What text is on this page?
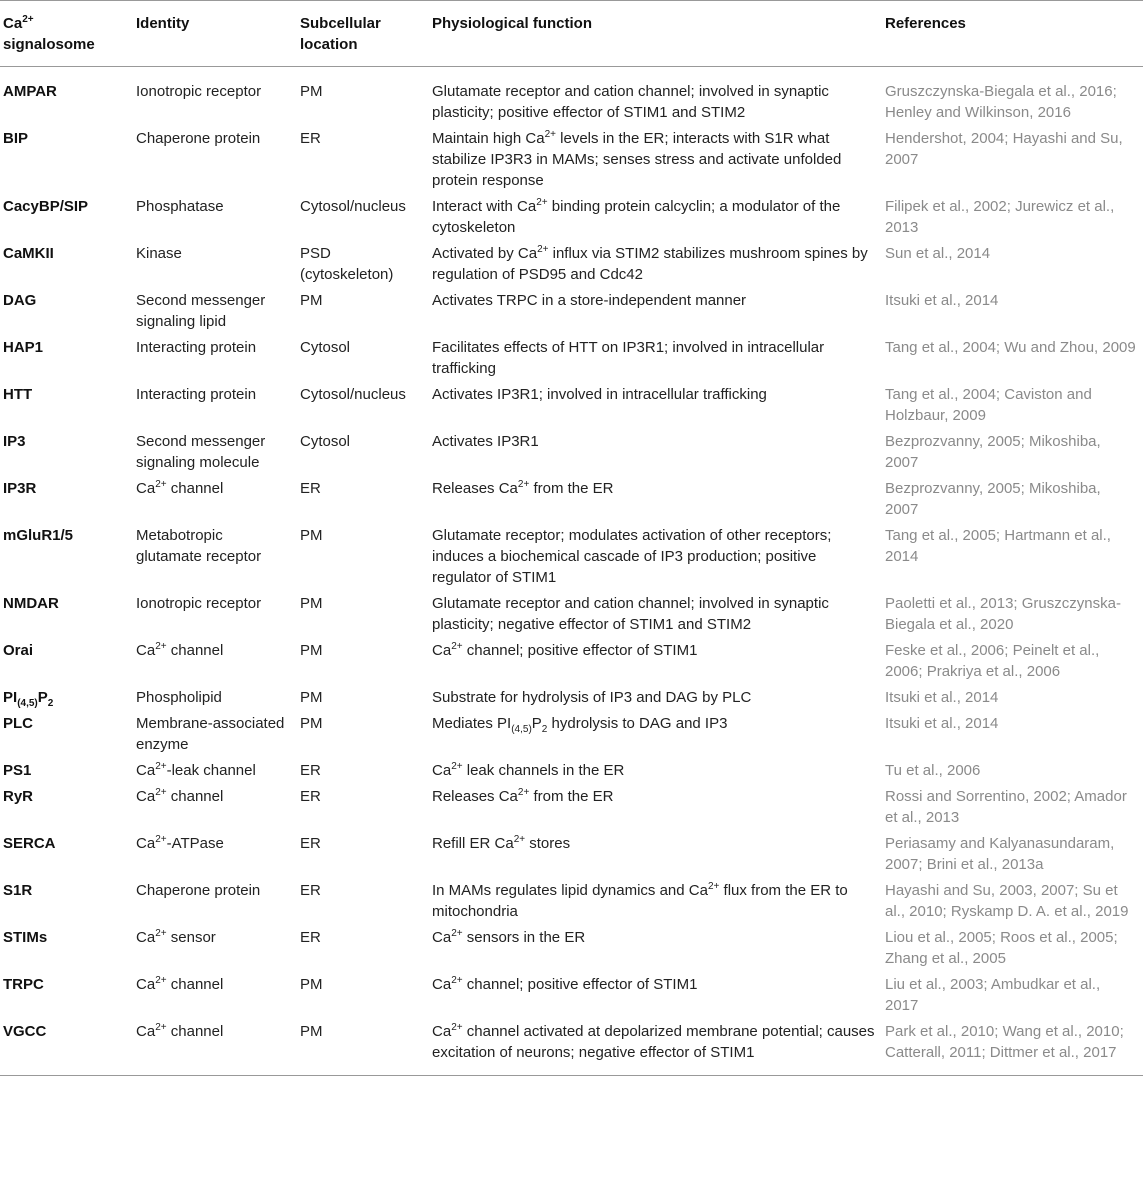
$Ca^{2+}$ signalosome	Identity	Subcellular location	Physiological function	References
AMPAR	Ionotropic receptor	PM	Glutamate receptor and cation channel; involved in synaptic plasticity; positive effector of STIM1 and STIM2	Gruszczynska-Biegala et al., 2016; Henley and Wilkinson, 2016
BIP	Chaperone protein	ER	Maintain high $Ca^{2+}$ levels in the ER; interacts with S1R what stabilize IP3R3 in MAMs; senses stress and activate unfolded protein response	Hendershot, 2004; Hayashi and Su, 2007
CacyBP/SIP	Phosphatase	Cytosol/nucleus	Interact with $Ca^{2+}$ binding protein calcyclin; a modulator of the cytoskeleton	Filipek et al., 2002; Jurewicz et al., 2013
CaMKII	Kinase	PSD (cytoskeleton)	Activated by $Ca^{2+}$ influx via STIM2 stabilizes mushroom spines by regulation of PSD95 and Cdc42	Sun et al., 2014
DAG	Second messenger signaling lipid	PM	Activates TRPC in a store-independent manner	Itsuki et al., 2014
HAP1	Interacting protein	Cytosol	Facilitates effects of HTT on IP3R1; involved in intracellular trafficking	Tang et al., 2004; Wu and Zhou, 2009
HTT	Interacting protein	Cytosol/nucleus	Activates IP3R1; involved in intracellular trafficking	Tang et al., 2004; Caviston and Holzbaur, 2009
IP3	Second messenger signaling molecule	Cytosol	Activates IP3R1	Bezprozvanny, 2005; Mikoshiba, 2007
IP3R	$Ca^{2+}$ channel	ER	Releases $Ca^{2+}$ from the ER	Bezprozvanny, 2005; Mikoshiba, 2007
mGluR1/5	Metabotropic glutamate receptor	PM	Glutamate receptor; modulates activation of other receptors; induces a biochemical cascade of IP3 production; positive regulator of STIM1	Tang et al., 2005; Hartmann et al., 2014
NMDAR	Ionotropic receptor	PM	Glutamate receptor and cation channel; involved in synaptic plasticity; negative effector of STIM1 and STIM2	Paoletti et al., 2013; Gruszczynska-Biegala et al., 2020
Orai	$Ca^{2+}$ channel	PM	$Ca^{2+}$ channel; positive effector of STIM1	Feske et al., 2006; Peinelt et al., 2006; Prakriya et al., 2006
$PI_{(4,5)}P_2$	Phospholipid	PM	Substrate for hydrolysis of IP3 and DAG by PLC	Itsuki et al., 2014
PLC	Membrane-associated enzyme	PM	Mediates $PI_{(4,5)}P_2$ hydrolysis to DAG and IP3	Itsuki et al., 2014
PS1	$Ca^{2+}$-leak channel	ER	$Ca^{2+}$ leak channels in the ER	Tu et al., 2006
RyR	$Ca^{2+}$ channel	ER	Releases $Ca^{2+}$ from the ER	Rossi and Sorrentino, 2002; Amador et al., 2013
SERCA	$Ca^{2+}$-ATPase	ER	Refill ER $Ca^{2+}$ stores	Periasamy and Kalyanasundaram, 2007; Brini et al., 2013a
S1R	Chaperone protein	ER	In MAMs regulates lipid dynamics and $Ca^{2+}$ flux from the ER to mitochondria	Hayashi and Su, 2003, 2007; Su et al., 2010; Ryskamp D. A. et al., 2019
STIMs	$Ca^{2+}$ sensor	ER	$Ca^{2+}$ sensors in the ER	Liou et al., 2005; Roos et al., 2005; Zhang et al., 2005
TRPC	$Ca^{2+}$ channel	PM	$Ca^{2+}$ channel; positive effector of STIM1	Liu et al., 2003; Ambudkar et al., 2017
VGCC	$Ca^{2+}$ channel	PM	$Ca^{2+}$ channel activated at depolarized membrane potential; causes excitation of neurons; negative effector of STIM1	Park et al., 2010; Wang et al., 2010; Catterall, 2011; Dittmer et al., 2017
